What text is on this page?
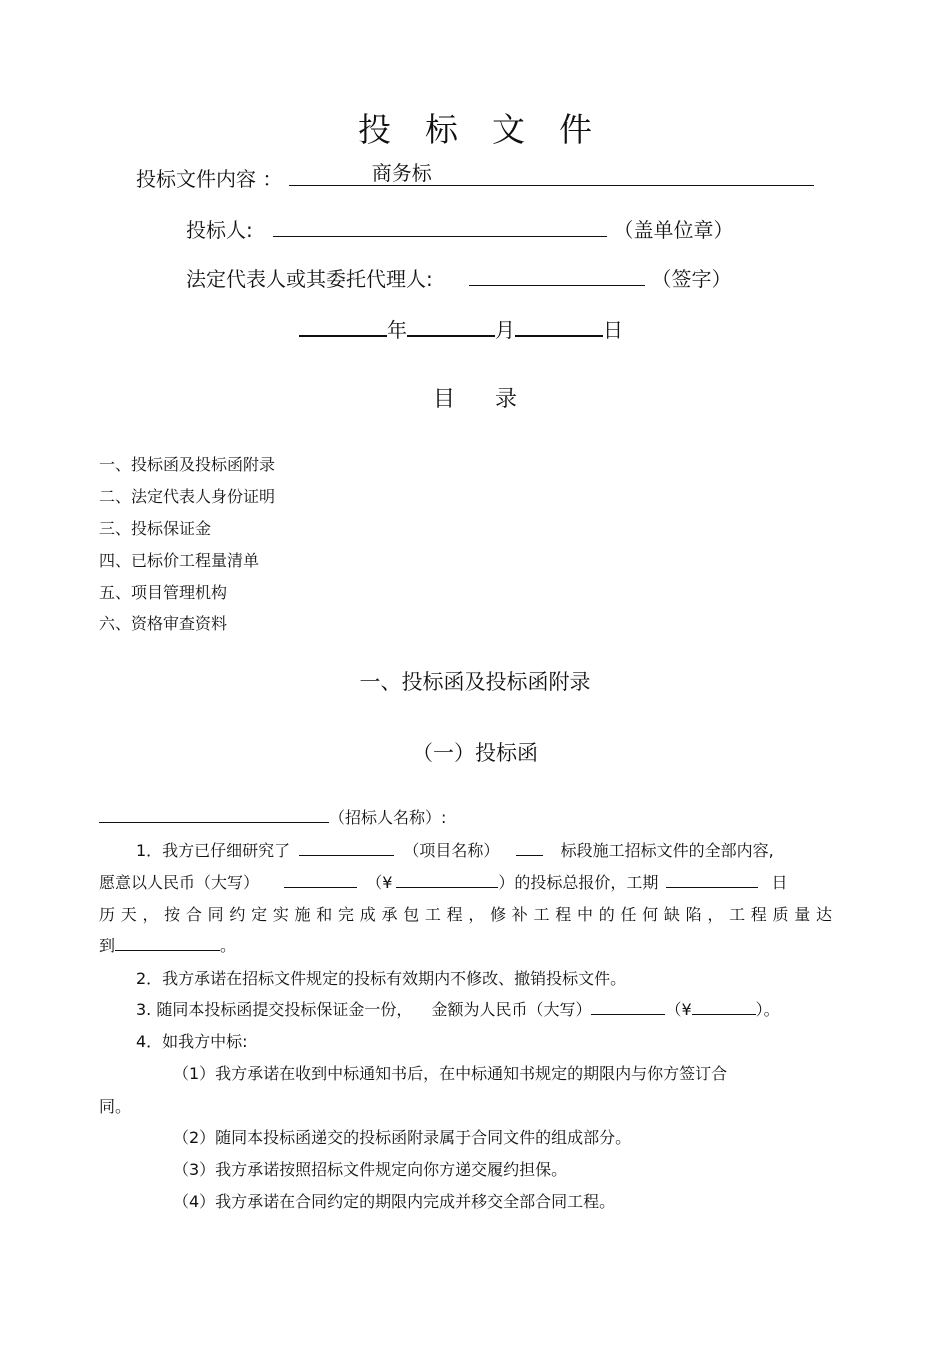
投标文件
投标文件内容 ：	商务标
投标人:	（盖单位章）
法定代表人或其委托代理人:	（签字）
年	月	日
目录
一、投标函及投标函附录
二、法定代表人身份证明
三、投标保证金
四、已标价工程量清单
五、项目管理机构
六、资格审查资料
一、投标函及投标函附录
（一）投标函
（招标人名称）:
1．我方已仔细研究了	（项目名称）	标段施工招标文件的全部内容,
愿意以人民币（大写）	（¥	）的投标总报价，工期	日
历天，按合同约定实施和完成承包工程，修补工程中的任何缺陷，工程质量达
到	。
2．我方承诺在招标文件规定的投标有效期内不修改、撤销投标文件。
3. 随同本投标函提交投标保证金一份， 金额为人民币（大写）	（¥	）。
4．如我方中标:
（1）我方承诺在收到中标通知书后，在中标通知书规定的期限内与你方签订合
同。
（2）随同本投标函递交的投标函附录属于合同文件的组成部分。
（3）我方承诺按照招标文件规定向你方递交履约担保。
（4）我方承诺在合同约定的期限内完成并移交全部合同工程。
